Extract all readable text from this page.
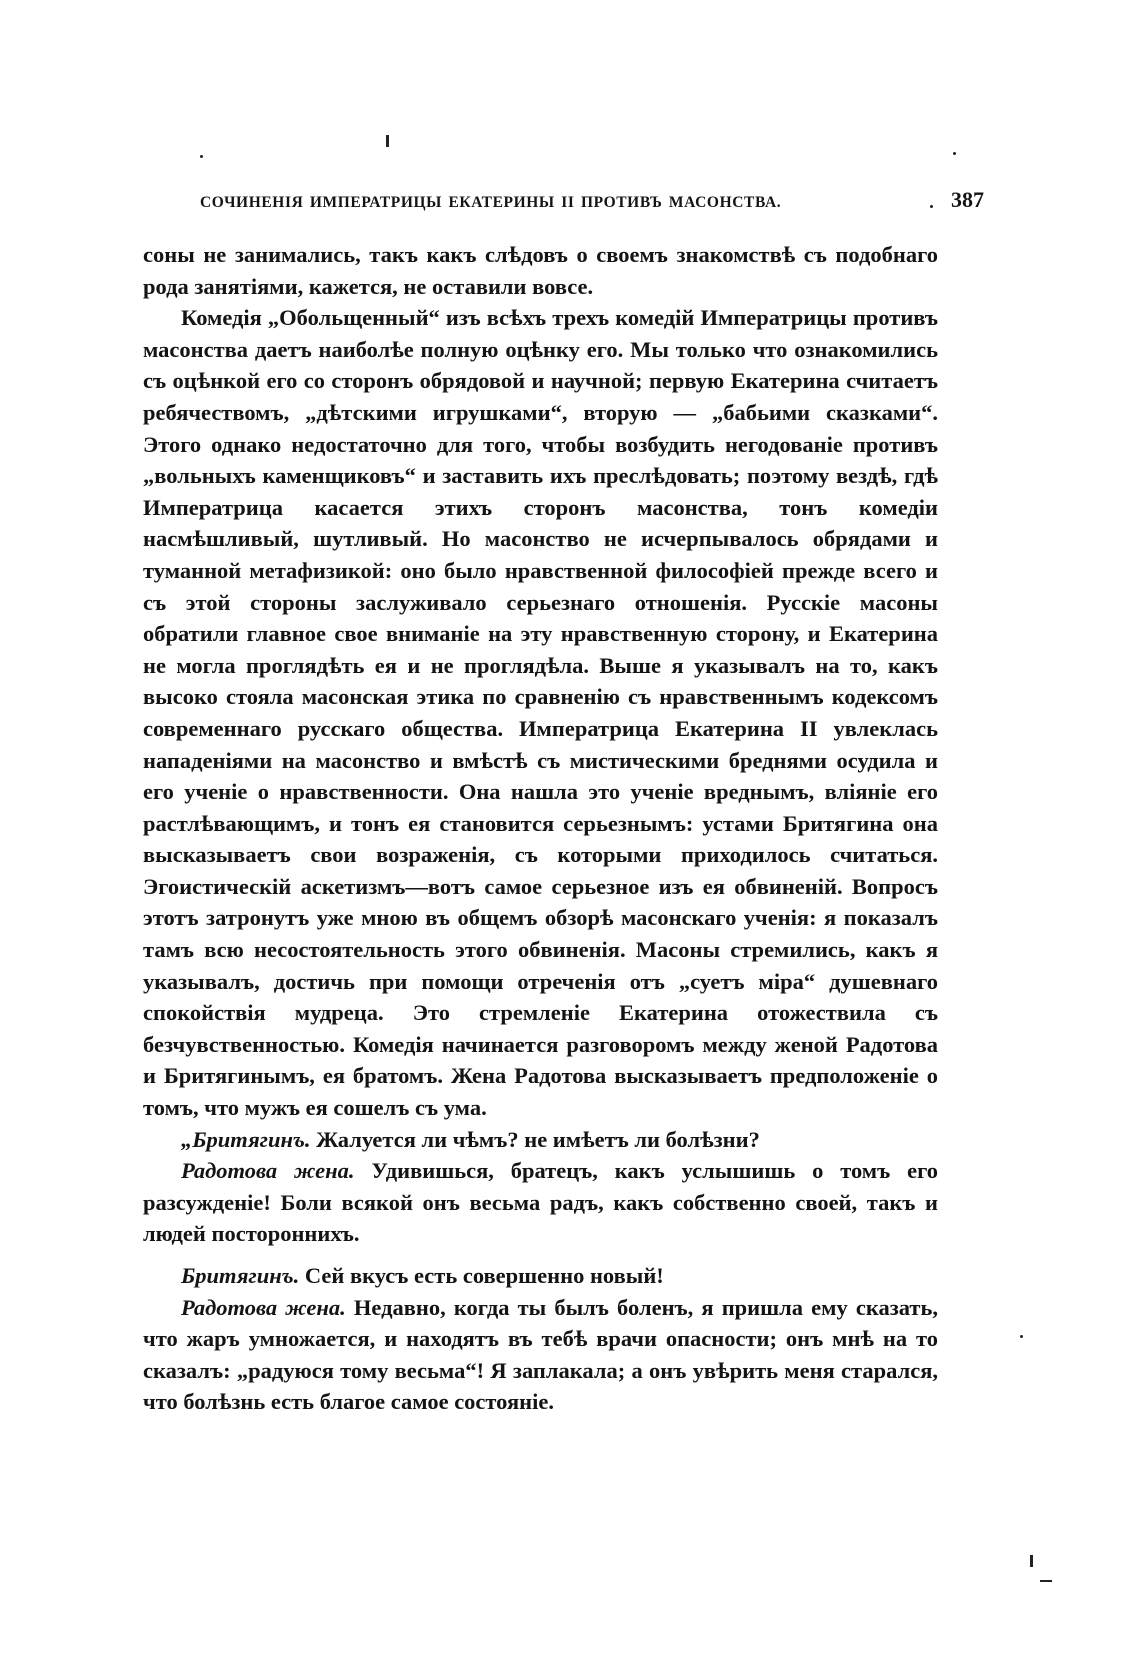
СОЧИНЕНІЯ ИМПЕРАТРИЦЫ ЕКАТЕРИНЫ II ПРОТИВЪ МАСОНСТВА.	387

соны не занимались, такъ какъ слѣдовъ о своемъ знакомствѣ съ подобнаго рода занятіями, кажется, не оставили вовсе.

Комедія „Обольщенный“ изъ всѣхъ трехъ комедій Императрицы противъ масонства даетъ наиболѣе полную оцѣнку его. Мы только что ознакомились съ оцѣнкой его со сторонъ обрядовой и научной; первую Екатерина считаетъ ребячествомъ, „дѣтскими игрушками“, вторую — „бабьими сказками“. Этого однако недостаточно для того, чтобы возбудить негодованіе противъ „вольныхъ каменщиковъ“ и заставить ихъ преслѣдовать; поэтому вездѣ, гдѣ Императрица касается этихъ сторонъ масонства, тонъ комедіи насмѣшливый, шутливый. Но масонство не исчерпывалось обрядами и туманной метафизикой: оно было нравственной философіей прежде всего и съ этой стороны заслуживало серьезнаго отношенія. Русскіе масоны обратили главное свое вниманіе на эту нравственную сторону, и Екатерина не могла проглядѣть ея и не проглядѣла. Выше я указывалъ на то, какъ высоко стояла масонская этика по сравненію съ нравственнымъ кодексомъ современнаго русскаго общества. Императрица Екатерина II увлеклась нападеніями на масонство и вмѣстѣ съ мистическими бреднями осудила и его ученіе о нравственности. Она нашла это ученіе вреднымъ, вліяніе его растлѣвающимъ, и тонъ ея становится серьезнымъ: устами Бритягина она высказываетъ свои возраженія, съ которыми приходилось считаться. Эгоистическій аскетизмъ—вотъ самое серьезное изъ ея обвиненій. Вопросъ этотъ затронутъ уже мною въ общемъ обзорѣ масонскаго ученія: я показалъ тамъ всю несостоятельность этого обвиненія. Масоны стремились, какъ я указывалъ, достичь при помощи отреченія отъ „суетъ міра“ душевнаго спокойствія мудреца. Это стремленіе Екатерина отожествила съ безчувственностью. Комедія начинается разговоромъ между женой Радотова и Бритягинымъ, ея братомъ. Жена Радотова высказываетъ предположеніе о томъ, что мужъ ея сошелъ съ ума.

„Бритягинъ. Жалуется ли чѣмъ? не имѣетъ ли болѣзни?

Радотова жена. Удивишься, братецъ, какъ услышишь о томъ его разсужденіе! Боли всякой онъ весьма радъ, какъ собственно своей, такъ и людей постороннихъ.

Бритягинъ. Сей вкусъ есть совершенно новый!

Радотова жена. Недавно, когда ты былъ боленъ, я пришла ему сказать, что жаръ умножается, и находятъ въ тебѣ врачи опасности; онъ мнѣ на то сказалъ: „радуюся тому весьма“! Я заплакала; а онъ увѣрить меня старался, что болѣзнь есть благое самое состояніе.
